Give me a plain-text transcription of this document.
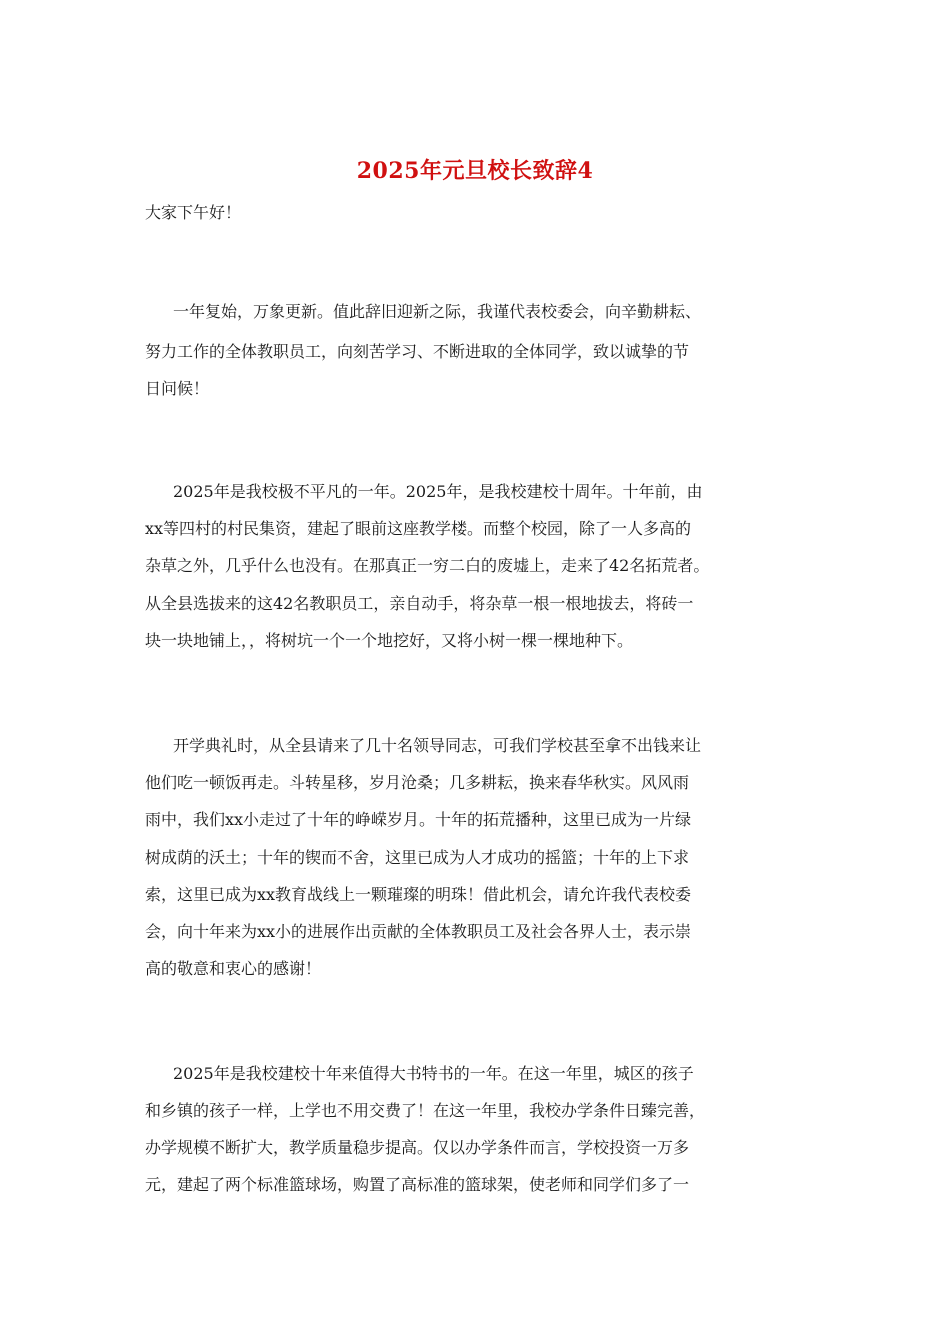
2025年元旦校长致辞4
大家下午好！
一年复始，万象更新。值此辞旧迎新之际，我谨代表校委会，向辛勤耕耘、
努力工作的全体教职员工，向刻苦学习、不断进取的全体同学，致以诚挚的节
日问候！
2025年是我校极不平凡的一年。2025年，是我校建校十周年。十年前，由
xx等四村的村民集资，建起了眼前这座教学楼。而整个校园，除了一人多高的
杂草之外，几乎什么也没有。在那真正一穷二白的废墟上，走来了42名拓荒者。
从全县选拔来的这42名教职员工，亲自动手，将杂草一根一根地拔去，将砖一
块一块地铺上，，将树坑一个一个地挖好，又将小树一棵一棵地种下。
开学典礼时，从全县请来了几十名领导同志，可我们学校甚至拿不出钱来让
他们吃一顿饭再走。斗转星移，岁月沧桑；几多耕耘，换来春华秋实。风风雨
雨中，我们xx小走过了十年的峥嵘岁月。十年的拓荒播种，这里已成为一片绿
树成荫的沃土；十年的锲而不舍，这里已成为人才成功的摇篮；十年的上下求
索，这里已成为xx教育战线上一颗璀璨的明珠！借此机会，请允许我代表校委
会，向十年来为xx小的进展作出贡献的全体教职员工及社会各界人士，表示崇
高的敬意和衷心的感谢！
2025年是我校建校十年来值得大书特书的一年。在这一年里，城区的孩子
和乡镇的孩子一样，上学也不用交费了！在这一年里，我校办学条件日臻完善，
办学规模不断扩大，教学质量稳步提高。仅以办学条件而言，学校投资一万多
元，建起了两个标准篮球场，购置了高标准的篮球架，使老师和同学们多了一
